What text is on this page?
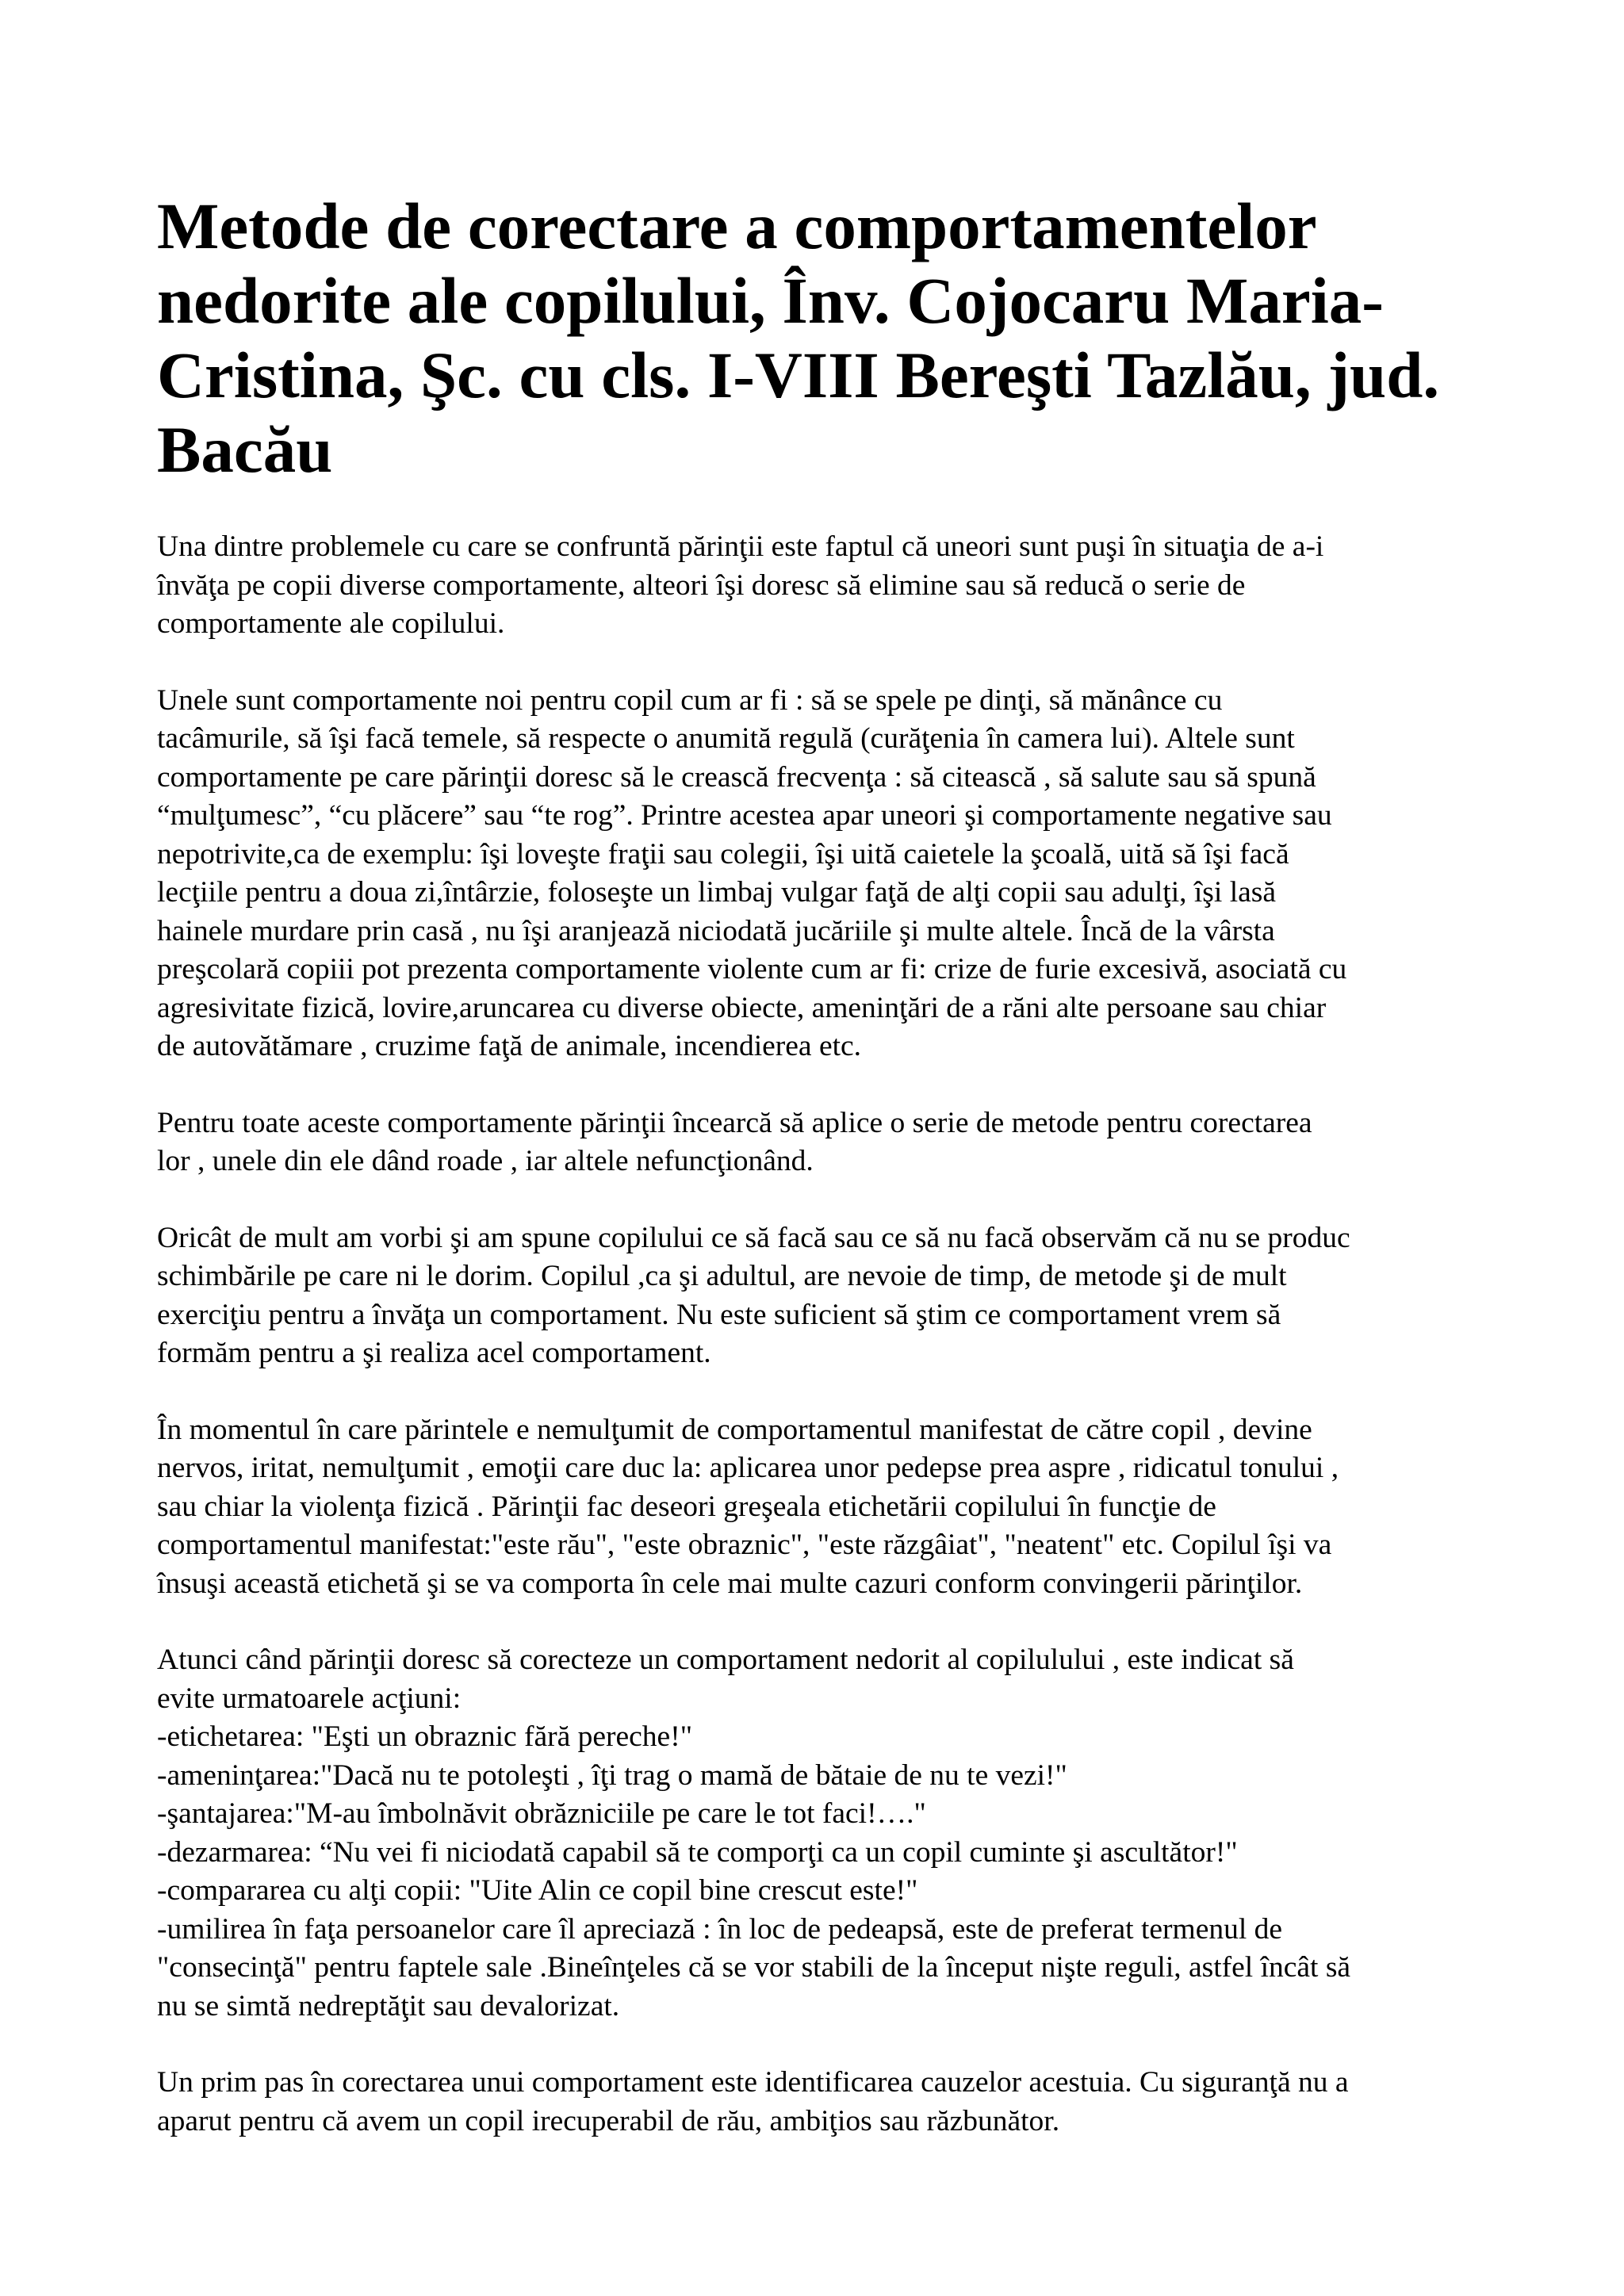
Metode de corectare a comportamentelor
nedorite ale copilului, Înv. Cojocaru Maria-
Cristina, Şc. cu cls. I-VIII Bereşti Tazlău, jud.
Bacău

Una dintre problemele cu care se confruntă părinţii este faptul că uneori sunt puşi în situaţia de a-i
învăţa pe copii diverse comportamente, alteori îşi doresc să elimine sau să reducă o serie de
comportamente ale copilului.

Unele sunt comportamente noi pentru copil cum ar fi : să se spele pe dinţi, să mănânce cu
tacâmurile, să îşi facă temele, să respecte o anumită regulă (curăţenia în camera lui). Altele sunt
comportamente pe care părinţii doresc să le crească frecvenţa : să citească , să salute sau să spună
“mulţumesc”, “cu plăcere” sau “te rog”. Printre acestea apar uneori şi comportamente negative sau
nepotrivite,ca de exemplu: îşi loveşte fraţii sau colegii, îşi uită caietele la şcoală, uită să îşi facă
lecţiile pentru a doua zi,întârzie, foloseşte un limbaj vulgar faţă de alţi copii sau adulţi, îşi lasă
hainele murdare prin casă , nu îşi aranjează niciodată jucăriile şi multe altele. Încă de la vârsta
preşcolară copiii pot prezenta comportamente violente cum ar fi: crize de furie excesivă, asociată cu
agresivitate fizică, lovire,aruncarea cu diverse obiecte, ameninţări de a răni alte persoane sau chiar
de autovătămare , cruzime faţă de animale, incendierea etc.

Pentru toate aceste comportamente părinţii încearcă să aplice o serie de metode pentru corectarea
lor , unele din ele dând roade , iar altele nefuncţionând.

Oricât de mult am vorbi şi am spune copilului ce să facă sau ce să nu facă observăm că nu se produc
schimbările pe care ni le dorim. Copilul ,ca şi adultul, are nevoie de timp, de metode şi de mult
exerciţiu pentru a învăţa un comportament. Nu este suficient să ştim ce comportament vrem să
formăm pentru a şi realiza acel comportament.

În momentul în care părintele e nemulţumit de comportamentul manifestat de către copil , devine
nervos, iritat, nemulţumit , emoţii care duc la: aplicarea unor pedepse prea aspre , ridicatul tonului ,
sau chiar la violenţa fizică . Părinţii fac deseori greşeala etichetării copilului în funcţie de
comportamentul manifestat:"este rău", "este obraznic", "este răzgâiat", "neatent" etc. Copilul îşi va
însuşi această etichetă şi se va comporta în cele mai multe cazuri conform convingerii părinţilor.

Atunci când părinţii doresc să corecteze un comportament nedorit al copilulului , este indicat să
evite urmatoarele acţiuni:
-etichetarea: "Eşti un obraznic fără pereche!"
-ameninţarea:"Dacă nu te potoleşti , îţi trag o mamă de bătaie de nu te vezi!"
-şantajarea:"M-au îmbolnăvit obrăzniciile pe care le tot faci!…."
-dezarmarea: “Nu vei fi niciodată capabil să te comporţi ca un copil cuminte şi ascultător!"
-compararea cu alţi copii: "Uite Alin ce copil bine crescut este!"
-umilirea în faţa persoanelor care îl apreciază : în loc de pedeapsă, este de preferat termenul de
"consecinţă" pentru faptele sale .Bineînţeles că se vor stabili de la început nişte reguli, astfel încât să
nu se simtă nedreptăţit sau devalorizat.

Un prim pas în corectarea unui comportament este identificarea cauzelor acestuia. Cu siguranţă nu a
aparut pentru că avem un copil irecuperabil de rău, ambiţios sau răzbunător.
